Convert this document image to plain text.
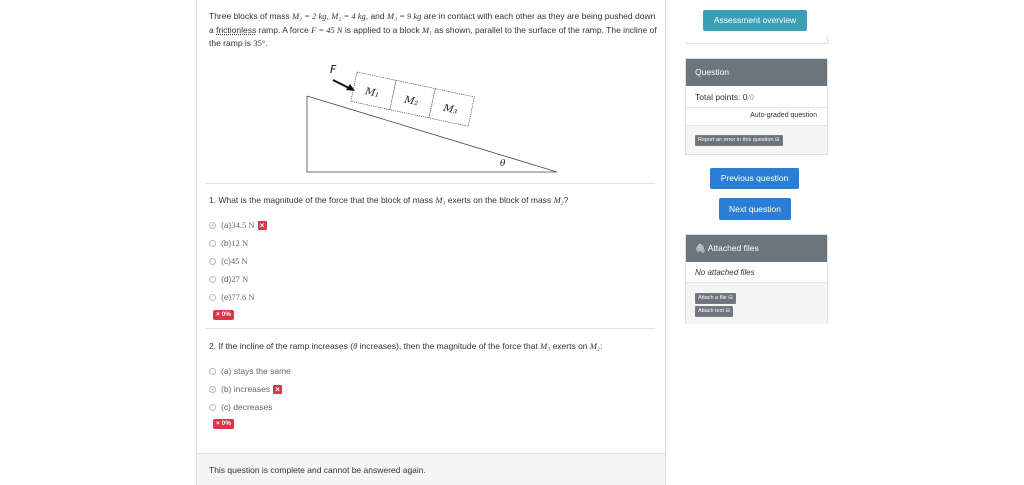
Three blocks of mass M₁ = 2 kg, M₂ = 4 kg, and M₃ = 9 kg are in contact with each other as they are being pushed down a frictionless ramp. A force F = 45 N is applied to a block M₁ as shown, parallel to the surface of the ramp. The incline of the ramp is 35°.
M₁
M₂
M₃
F
θ
1. What is the magnitude of the force that the block of mass M₃ exerts on the block of mass M₂?
(a) 34.5 N ×
(b) 12 N
(c) 45 N
(d) 27 N
(e) 77.6 N
× 0%
2. If the incline of the ramp increases (θ increases), then the magnitude of the force that M₃ exerts on M₂:
(a) stays the same
(b) increases ×
(c) decreases
× 0%
This question is complete and cannot be answered again.
Assessment overview
Question
Total points: 0/0
Auto-graded question
Report an error in this question ⊟
Previous question
Next question
🖇 Attached files
No attached files
Attach a file ⊟
Attach text ⊟
